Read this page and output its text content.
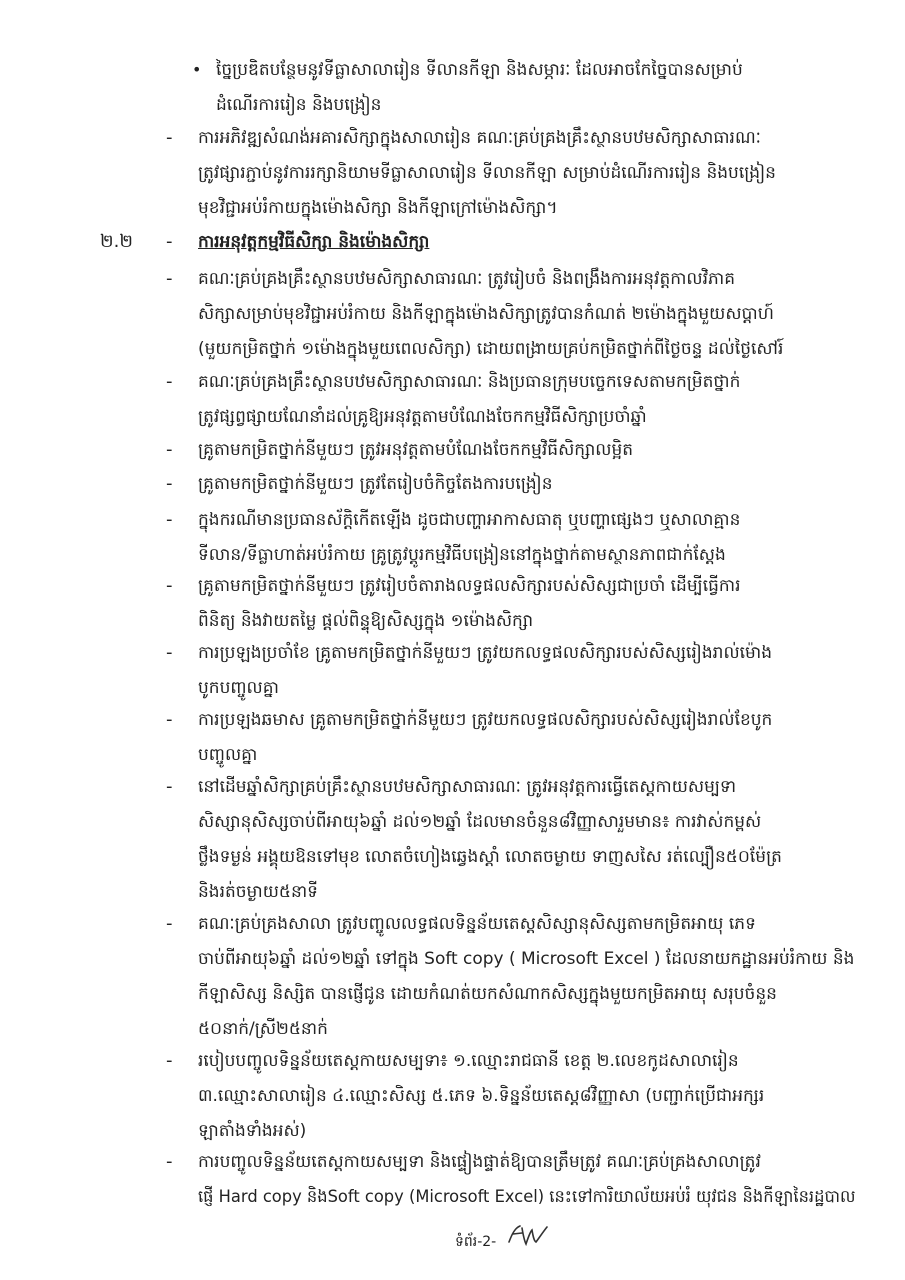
• ច្នៃប្រឌិតបន្ថែមនូវទីធ្លាសាលារៀន ទីលានកីឡា និងសម្ភារៈ ដែលអាចកែច្នៃបានសម្រាប់
ដំណើរការរៀន និងបង្រៀន
- ការអភិវឌ្ឍសំណង់អគារសិក្សាក្នុងសាលារៀន គណៈគ្រប់គ្រងគ្រឹះស្ថានបឋមសិក្សាសាធារណៈ
ត្រូវផ្សារភ្ជាប់នូវការរក្សានិយាមទីធ្លាសាលារៀន ទីលានកីឡា សម្រាប់ដំណើរការរៀន និងបង្រៀន
មុខវិជ្ជាអប់រំកាយក្នុងម៉ោងសិក្សា និងកីឡាក្រៅម៉ោងសិក្សា។
២.២ - ការអនុវត្តកម្មវិធីសិក្សា និងម៉ោងសិក្សា
- គណៈគ្រប់គ្រងគ្រឹះស្ថានបឋមសិក្សាសាធារណៈ ត្រូវរៀបចំ និងពង្រឹងការអនុវត្តកាលវិភាគ
សិក្សាសម្រាប់មុខវិជ្ជាអប់រំកាយ និងកីឡាក្នុងម៉ោងសិក្សាត្រូវបានកំណត់ ២ម៉ោងក្នុងមួយសប្តាហ៍
(មួយកម្រិតថ្នាក់ ១ម៉ោងក្នុងមួយពេលសិក្សា) ដោយពង្រាយគ្រប់កម្រិតថ្នាក់ពីថ្ងៃចន្ទ ដល់ថ្ងៃសៅរ៍
- គណៈគ្រប់គ្រងគ្រឹះស្ថានបឋមសិក្សាសាធារណៈ និងប្រធានក្រុមបច្ចេកទេសតាមកម្រិតថ្នាក់
ត្រូវផ្សព្វផ្សាយណែនាំដល់គ្រូឱ្យអនុវត្តតាមបំណែងចែកកម្មវិធីសិក្សាប្រចាំឆ្នាំ
- គ្រូតាមកម្រិតថ្នាក់នីមួយៗ ត្រូវអនុវត្តតាមបំណែងចែកកម្មវិធីសិក្សាលម្អិត
- គ្រូតាមកម្រិតថ្នាក់នីមួយៗ ត្រូវតែរៀបចំកិច្ចតែងការបង្រៀន
- ក្នុងករណីមានប្រធានស័ក្តិកើតឡើង ដូចជាបញ្ហាអាកាសធាតុ ឬបញ្ហាផ្សេងៗ ឬសាលាគ្មាន
ទីលាន/ទីធ្លាហាត់អប់រំកាយ គ្រូត្រូវប្តូរកម្មវិធីបង្រៀននៅក្នុងថ្នាក់តាមស្ថានភាពជាក់ស្តែង
- គ្រូតាមកម្រិតថ្នាក់នីមួយៗ ត្រូវរៀបចំតារាងលទ្ធផលសិក្សារបស់សិស្សជាប្រចាំ ដើម្បីធ្វើការ
ពិនិត្យ និងវាយតម្លៃ ផ្តល់ពិន្ទុឱ្យសិស្សក្នុង ១ម៉ោងសិក្សា
- ការប្រឡងប្រចាំខែ គ្រូតាមកម្រិតថ្នាក់នីមួយៗ ត្រូវយកលទ្ធផលសិក្សារបស់សិស្សរៀងរាល់ម៉ោង
បូកបញ្ចូលគ្នា
- ការប្រឡងឆមាស គ្រូតាមកម្រិតថ្នាក់នីមួយៗ ត្រូវយកលទ្ធផលសិក្សារបស់សិស្សរៀងរាល់ខែបូក
បញ្ចូលគ្នា
- នៅដើមឆ្នាំសិក្សាគ្រប់គ្រឹះស្ថានបឋមសិក្សាសាធារណៈ ត្រូវអនុវត្តការធ្វើតេស្តកាយសម្បទា
សិស្សានុសិស្សចាប់ពីអាយុ៦ឆ្នាំ ដល់១២ឆ្នាំ ដែលមានចំនួន៨វិញ្ញាសារួមមាន៖ ការវាស់កម្ពស់
ថ្លឹងទម្ងន់ អង្គុយឱនទៅមុខ លោតចំហៀងឆ្វេងស្តាំ លោតចម្ងាយ ទាញសសៃ រត់ល្បឿន៥០ម៉ែត្រ
និងរត់ចម្ងាយ៥នាទី
- គណៈគ្រប់គ្រងសាលា ត្រូវបញ្ចូលលទ្ធផលទិន្នន័យតេស្តសិស្សានុសិស្សតាមកម្រិតអាយុ ភេទ
ចាប់ពីអាយុ៦ឆ្នាំ ដល់១២ឆ្នាំ ទៅក្នុង Soft copy ( Microsoft Excel ) ដែលនាយកដ្ឋានអប់រំកាយ និង
កីឡាសិស្ស និស្សិត បានផ្ញើជូន ដោយកំណត់យកសំណាកសិស្សក្នុងមួយកម្រិតអាយុ សរុបចំនួន
៥០នាក់/ស្រី២៥នាក់
- របៀបបញ្ចូលទិន្នន័យតេស្តកាយសម្បទា៖ ១.ឈ្មោះរាជធានី ខេត្ត ២.លេខកូដសាលារៀន
៣.ឈ្មោះសាលារៀន ៤.ឈ្មោះសិស្ស ៥.ភេទ ៦.ទិន្នន័យតេស្ត៨វិញ្ញាសា (បញ្ជាក់ប្រើជាអក្សរ
ឡាតាំងទាំងអស់)
- ការបញ្ចូលទិន្នន័យតេស្តកាយសម្បទា និងផ្ទៀងផ្ទាត់ឱ្យបានត្រឹមត្រូវ គណៈគ្រប់គ្រងសាលាត្រូវ
ផ្ញើ Hard copy និងSoft copy (Microsoft Excel) នេះទៅការិយាល័យអប់រំ យុវជន និងកីឡានៃរដ្ឋបាល
ទំព័រ-2-
